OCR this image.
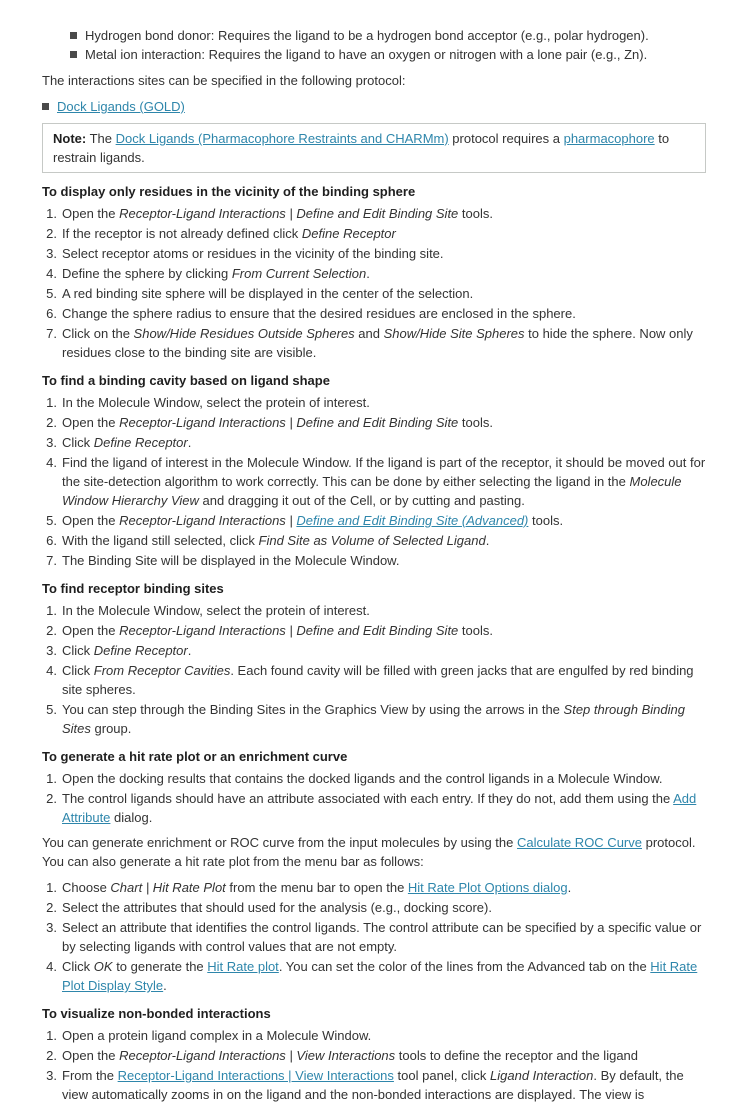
Hydrogen bond donor: Requires the ligand to be a hydrogen bond acceptor (e.g., polar hydrogen).
Metal ion interaction: Requires the ligand to have an oxygen or nitrogen with a lone pair (e.g., Zn).
The interactions sites can be specified in the following protocol:
Dock Ligands (GOLD)
Note: The Dock Ligands (Pharmacophore Restraints and CHARMm) protocol requires a pharmacophore to restrain ligands.
To display only residues in the vicinity of the binding sphere
1. Open the Receptor-Ligand Interactions | Define and Edit Binding Site tools.
2. If the receptor is not already defined click Define Receptor
3. Select receptor atoms or residues in the vicinity of the binding site.
4. Define the sphere by clicking From Current Selection.
5. A red binding site sphere will be displayed in the center of the selection.
6. Change the sphere radius to ensure that the desired residues are enclosed in the sphere.
7. Click on the Show/Hide Residues Outside Spheres and Show/Hide Site Spheres to hide the sphere. Now only residues close to the binding site are visible.
To find a binding cavity based on ligand shape
1. In the Molecule Window, select the protein of interest.
2. Open the Receptor-Ligand Interactions | Define and Edit Binding Site tools.
3. Click Define Receptor.
4. Find the ligand of interest in the Molecule Window. If the ligand is part of the receptor, it should be moved out for the site-detection algorithm to work correctly. This can be done by either selecting the ligand in the Molecule Window Hierarchy View and dragging it out of the Cell, or by cutting and pasting.
5. Open the Receptor-Ligand Interactions | Define and Edit Binding Site (Advanced) tools.
6. With the ligand still selected, click Find Site as Volume of Selected Ligand.
7. The Binding Site will be displayed in the Molecule Window.
To find receptor binding sites
1. In the Molecule Window, select the protein of interest.
2. Open the Receptor-Ligand Interactions | Define and Edit Binding Site tools.
3. Click Define Receptor.
4. Click From Receptor Cavities. Each found cavity will be filled with green jacks that are engulfed by red binding site spheres.
5. You can step through the Binding Sites in the Graphics View by using the arrows in the Step through Binding Sites group.
To generate a hit rate plot or an enrichment curve
1. Open the docking results that contains the docked ligands and the control ligands in a Molecule Window.
2. The control ligands should have an attribute associated with each entry. If they do not, add them using the Add Attribute dialog.
You can generate enrichment or ROC curve from the input molecules by using the Calculate ROC Curve protocol. You can also generate a hit rate plot from the menu bar as follows:
1. Choose Chart | Hit Rate Plot from the menu bar to open the Hit Rate Plot Options dialog.
2. Select the attributes that should used for the analysis (e.g., docking score).
3. Select an attribute that identifies the control ligands. The control attribute can be specified by a specific value or by selecting ligands with control values that are not empty.
4. Click OK to generate the Hit Rate plot. You can set the color of the lines from the Advanced tab on the Hit Rate Plot Display Style.
To visualize non-bonded interactions
1. Open a protein ligand complex in a Molecule Window.
2. Open the Receptor-Ligand Interactions | View Interactions tools to define the receptor and the ligand
3. From the Receptor-Ligand Interactions | View Interactions tool panel, click Ligand Interaction. By default, the view automatically zooms in on the ligand and the non-bonded interactions are displayed. The view is
